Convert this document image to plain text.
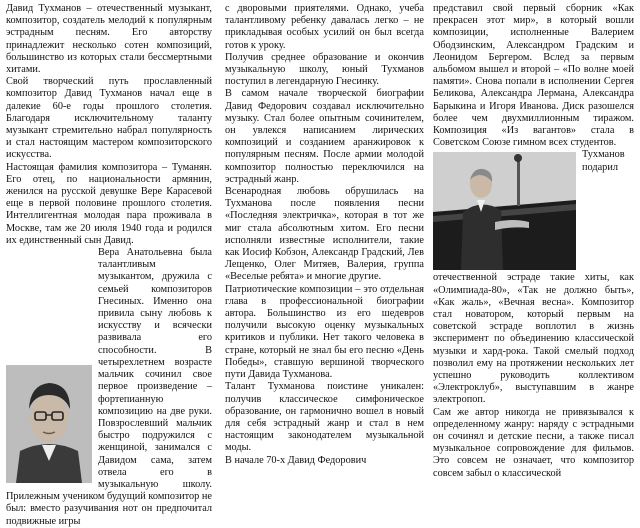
Давид Тухманов – отечественный музыкант, композитор, создатель мелодий к популярным эстрадным песням. Его авторству принадлежит несколько сотен композиций, большинство из которых стали бессмертными хитами.

Свой творческий путь прославленный композитор Давид Тухманов начал еще в далекие 60-е годы прошлого столетия. Благодаря исключительному таланту музыкант стремительно набрал популярность и стал настоящим мастером композиторского искусства.

Настоящая фамилия композитора – Туманян. Его отец, по национальности армянин, женился на русской девушке Вере Карасевой еще в первой половине прошлого столетия. Интеллигентная молодая пара проживала в Москве, там же 20 июля 1940 года и родился их единственный сын Давид.

Вера Анатольевна была талантливым музыкантом, дружила с семьей композиторов Гнесиных. Именно она привила сыну любовь к искусству и всячески развивала его способности. В четырехлетнем возрасте мальчик сочинил свое первое произведение – фортепианную композицию на две руки. Повзрослевший мальчик быстро подружился с женщиной, занимался с Давидом сама, затем отвела его в музыкальную школу. Прилежным учеником будущий композитор не был: вместо разучивания нот он предпочитал подвижные игры

с дворовыми приятелями. Однако, учеба талантливому ребенку давалась легко – не прикладывая особых усилий он был всегда готов к уроку.

Получив среднее образование и окончив музыкальную школу, юный Тухманов поступил в легендарную Гнесинку.

В самом начале творческой биографии Давид Федорович создавал исключительно музыку. Стал более опытным сочинителем, он увлекся написанием лирических композиций и созданием аранжировок к популярным песням. После армии молодой композитор полностью переключился на эстрадный жанр.

Всенародная любовь обрушилась на Тухманова после появления песни «Последняя электричка», которая в тот же миг стала абсолютным хитом. Его песни исполняли известные исполнители, такие как Иосиф Кобзон, Александр Градский, Лев Лещенко, Олег Митяев, Валерия, группа «Веселые ребята» и многие другие.

Патриотические композиции – это отдельная глава в профессиональной биографии автора. Большинство из его шедевров получили высокую оценку музыкальных критиков и публики. Нет такого человека в стране, который не знал бы его песню «День Победы», ставшую вершиной творческого пути Давида Тухманова.

Талант Тухманова поистине уникален: получив классическое симфоническое образование, он гармонично вошел в новый для себя эстрадный жанр и стал в нем настоящим законодателем музыкальной моды.

В начале 70-х Давид Федорович

представил свой первый сборник «Как прекрасен этот мир», в который вошли композиции, исполненные Валерием Ободзинским, Александром Градским и Леонидом Бергером. Вслед за первым альбомом вышел и второй – «По волне моей памяти». Снова попали в исполнении Сергея Беликова, Александра Лермана, Александра Барыкина и Игоря Иванова. Диск разошелся более чем двухмиллионным тиражом. Композиция «Из вагантов» стала в Советском Союзе гимном всех студентов.

Тухманов подарил отечественной эстраде такие хиты, как «Олимпиада-80», «Так не должно быть», «Как жаль», «Вечная весна». Композитор стал новатором, который первым на советской эстраде воплотил в жизнь эксперимент по объединению классической музыки и хард-рока. Такой смелый подход позволил ему на протяжении нескольких лет успешно руководить коллективом «Электроклуб», выступавшим в жанре электропоп.

Сам же автор никогда не привязывался к определенному жанру: наряду с эстрадными он сочинял и детские песни, а также писал музыкальное сопровождение для фильмов. Это совсем не означает, что композитор совсем забыл о классической
